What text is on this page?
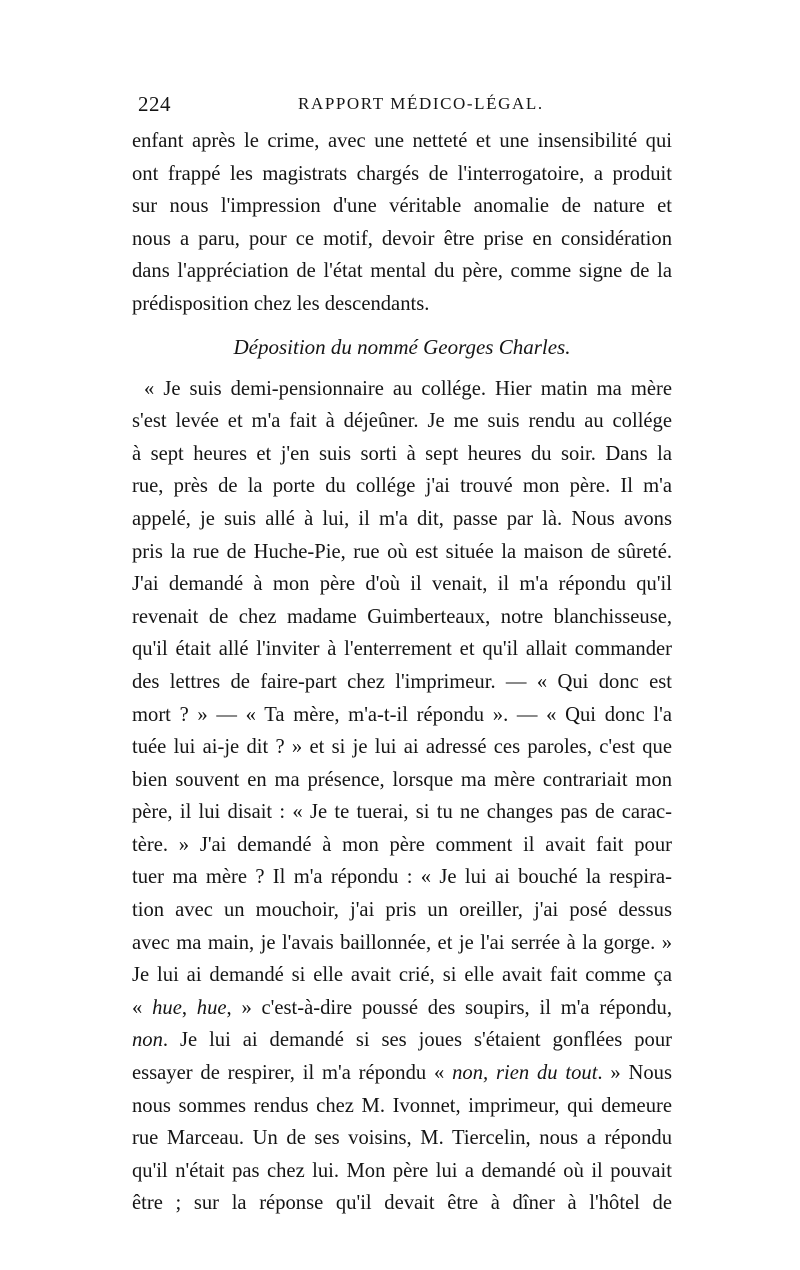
224	RAPPORT MÉDICO-LÉGAL.
enfant après le crime, avec une netteté et une insensibilité qui
ont frappé les magistrats chargés de l'interrogatoire, a produit
sur nous l'impression d'une véritable anomalie de nature et
nous a paru, pour ce motif, devoir être prise en considération
dans l'appréciation de l'état mental du père, comme signe de la
prédisposition chez les descendants.
Déposition du nommé Georges Charles.
« Je suis demi-pensionnaire au collége. Hier matin ma mère
s'est levée et m'a fait à déjeûner. Je me suis rendu au collége
à sept heures et j'en suis sorti à sept heures du soir. Dans la
rue, près de la porte du collége j'ai trouvé mon père. Il m'a
appelé, je suis allé à lui, il m'a dit, passe par là. Nous avons
pris la rue de Huche-Pie, rue où est située la maison de sûreté.
J'ai demandé à mon père d'où il venait, il m'a répondu qu'il
revenait de chez madame Guimberteaux, notre blanchisseuse,
qu'il était allé l'inviter à l'enterrement et qu'il allait commander
des lettres de faire-part chez l'imprimeur. — « Qui donc est
mort ? » — « Ta mère, m'a-t-il répondu ». — « Qui donc l'a
tuée lui ai-je dit ? » et si je lui ai adressé ces paroles, c'est que
bien souvent en ma présence, lorsque ma mère contrariait mon
père, il lui disait : « Je te tuerai, si tu ne changes pas de carac-
tère. » J'ai demandé à mon père comment il avait fait pour
tuer ma mère ? Il m'a répondu : « Je lui ai bouché la respira-
tion avec un mouchoir, j'ai pris un oreiller, j'ai posé dessus
avec ma main, je l'avais baillonnée, et je l'ai serrée à la gorge. »
Je lui ai demandé si elle avait crié, si elle avait fait comme ça
« hue, hue, » c'est-à-dire poussé des soupirs, il m'a répondu,
non. Je lui ai demandé si ses joues s'étaient gonflées pour
essayer de respirer, il m'a répondu « non, rien du tout. » Nous
nous sommes rendus chez M. Ivonnet, imprimeur, qui demeure
rue Marceau. Un de ses voisins, M. Tiercelin, nous a répondu
qu'il n'était pas chez lui. Mon père lui a demandé où il pouvait
être ; sur la réponse qu'il devait être à dîner à l'hôtel de
